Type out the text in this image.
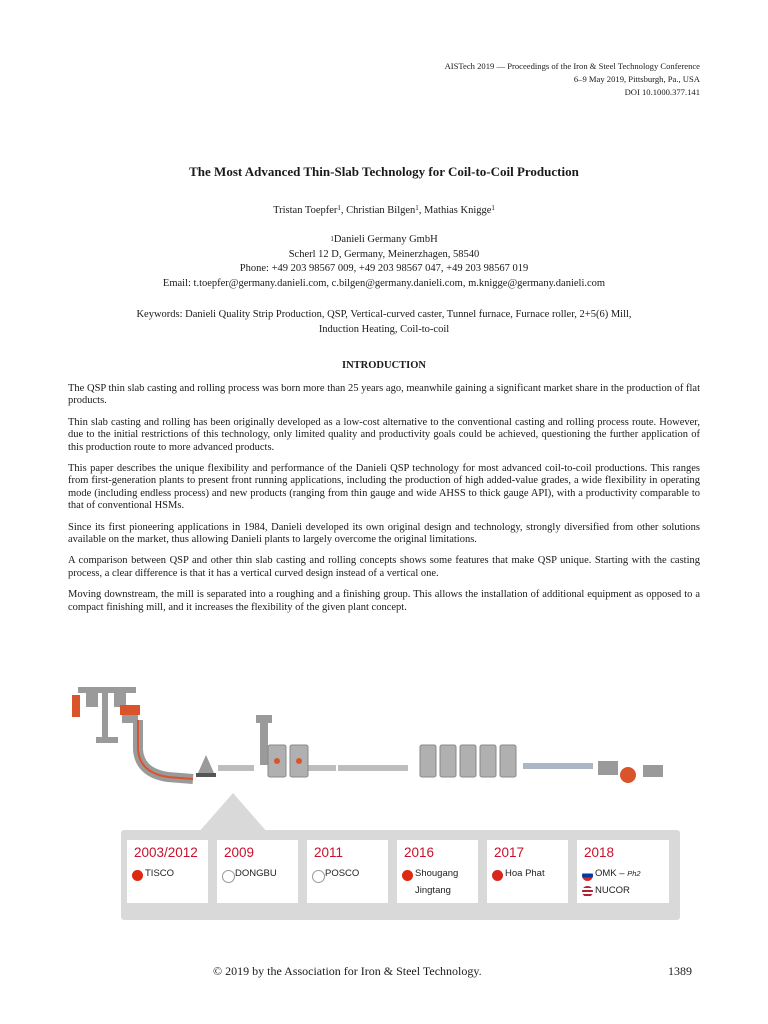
AISTech 2019 — Proceedings of the Iron & Steel Technology Conference
6–9 May 2019, Pittsburgh, Pa., USA
DOI 10.1000.377.141
The Most Advanced Thin-Slab Technology for Coil-to-Coil Production
Tristan Toepfer$^1$, Christian Bilgen$^1$, Mathias Knigge$^1$
$^1$Danieli Germany GmbH
Scherl 12 D, Germany, Meinerzhagen, 58540
Phone: +49 203 98567 009, +49 203 98567 047, +49 203 98567 019
Email: t.toepfer@germany.danieli.com, c.bilgen@germany.danieli.com, m.knigge@germany.danieli.com
Keywords: Danieli Quality Strip Production, QSP, Vertical-curved caster, Tunnel furnace, Furnace roller, 2+5(6) Mill,
Induction Heating, Coil-to-coil
INTRODUCTION

The QSP thin slab casting and rolling process was born more than 25 years ago, meanwhile gaining a significant market share in the production of flat products.

Thin slab casting and rolling has been originally developed as a low-cost alternative to the conventional casting and rolling process route. However, due to the initial restrictions of this technology, only limited quality and productivity goals could be achieved, questioning the further application of this production route to more advanced products.

This paper describes the unique flexibility and performance of the Danieli QSP technology for most advanced coil-to-coil productions. This ranges from first-generation plants to present front running applications, including the production of high added-value grades, a wide flexibility in operating mode (including endless process) and new products (ranging from thin gauge and wide AHSS to thick gauge API), with a productivity comparable to that of conventional HSMs.

Since its first pioneering applications in 1984, Danieli developed its own original design and technology, strongly diversified from other solutions available on the market, thus allowing Danieli plants to largely overcome the original limitations.

A comparison between QSP and other thin slab casting and rolling concepts shows some features that make QSP unique. Starting with the casting process, a clear difference is that it has a vertical curved design instead of a vertical one.

Moving downstream, the mill is separated into a roughing and a finishing group. This allows the installation of additional equipment as opposed to a compact finishing mill, and it increases the flexibility of the given plant concept.

2003/2012
TISCO
2009
DONGBU
2011
POSCO
2016
Shougang
Jingtang
2017
Hoa Phat
2018
OMK – Ph2
NUCOR
© 2019 by the Association for Iron & Steel Technology.	1389
